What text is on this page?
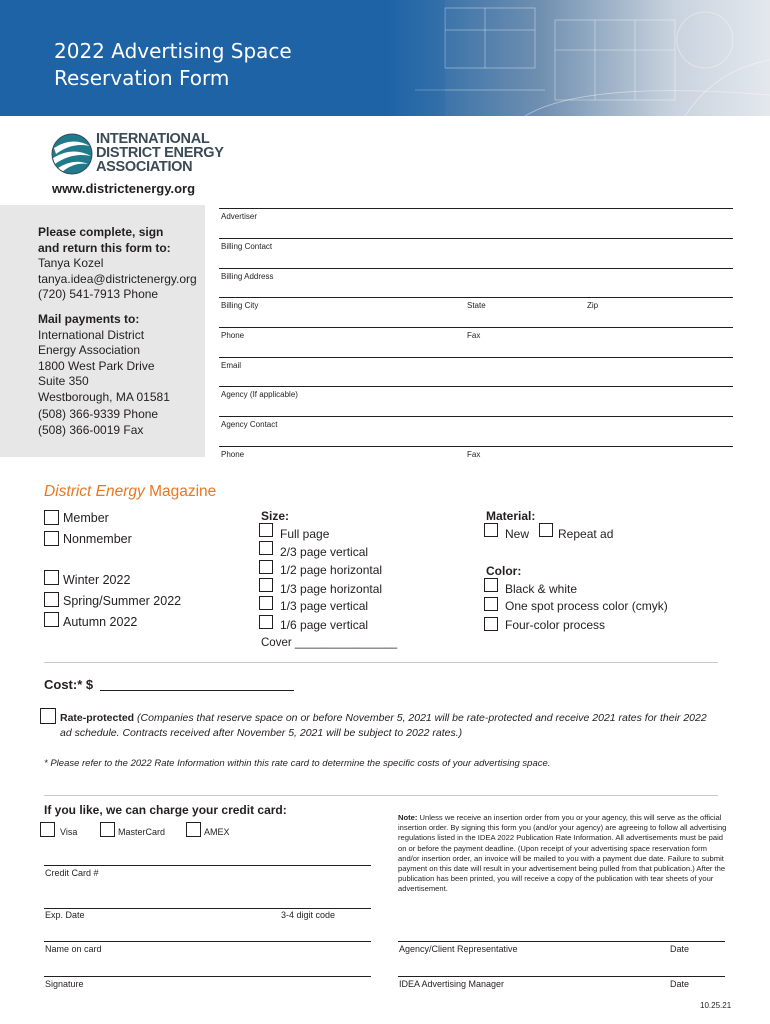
2022 Advertising Space
Reservation Form
INTERNATIONAL
DISTRICT ENERGY
ASSOCIATION
www.districtenergy.org
Please complete, sign
and return this form to:
Tanya Kozel
tanya.idea@districtenergy.org
(720) 541-7913 Phone
Mail payments to:
International District
Energy Association
1800 West Park Drive
Suite 350
Westborough, MA 01581
(508) 366-9339 Phone
(508) 366-0019 Fax
Advertiser
Billing Contact
Billing Address
Billing City	State	Zip
Phone	Fax
Email
Agency (If applicable)
Agency Contact
Phone	Fax
District Energy Magazine
Member
Nonmember
Winter 2022
Spring/Summer 2022
Autumn 2022
Size:
Full page
2/3 page vertical
1/2 page horizontal
1/3 page horizontal
1/3 page vertical
1/6 page vertical
Cover ________________
Material:
New Repeat ad
Color:
Black & white
One spot process color (cmyk)
Four-color process
Cost:* $
Rate-protected (Companies that reserve space on or before November 5, 2021 will be rate-protected and receive 2021 rates for their 2022 ad schedule. Contracts received after November 5, 2021 will be subject to 2022 rates.)
* Please refer to the 2022 Rate Information within this rate card to determine the specific costs of your advertising space.
If you like, we can charge your credit card:
Visa	MasterCard	AMEX
Credit Card #
Exp. Date	3-4 digit code
Name on card
Signature
Note: Unless we receive an insertion order from you or your agency, this will serve as the official insertion order. By signing this form you (and/or your agency) are agreeing to follow all advertising regulations listed in the IDEA 2022 Publication Rate Information. All advertisements must be paid on or before the payment deadline. (Upon receipt of your advertising space reservation form and/or insertion order, an invoice will be mailed to you with a payment due date. Failure to submit payment on this date will result in your advertisement being pulled from that publication.) After the publication has been printed, you will receive a copy of the publication with tear sheets of your advertisement.
Agency/Client Representative	Date
IDEA Advertising Manager	Date
10.25.21
